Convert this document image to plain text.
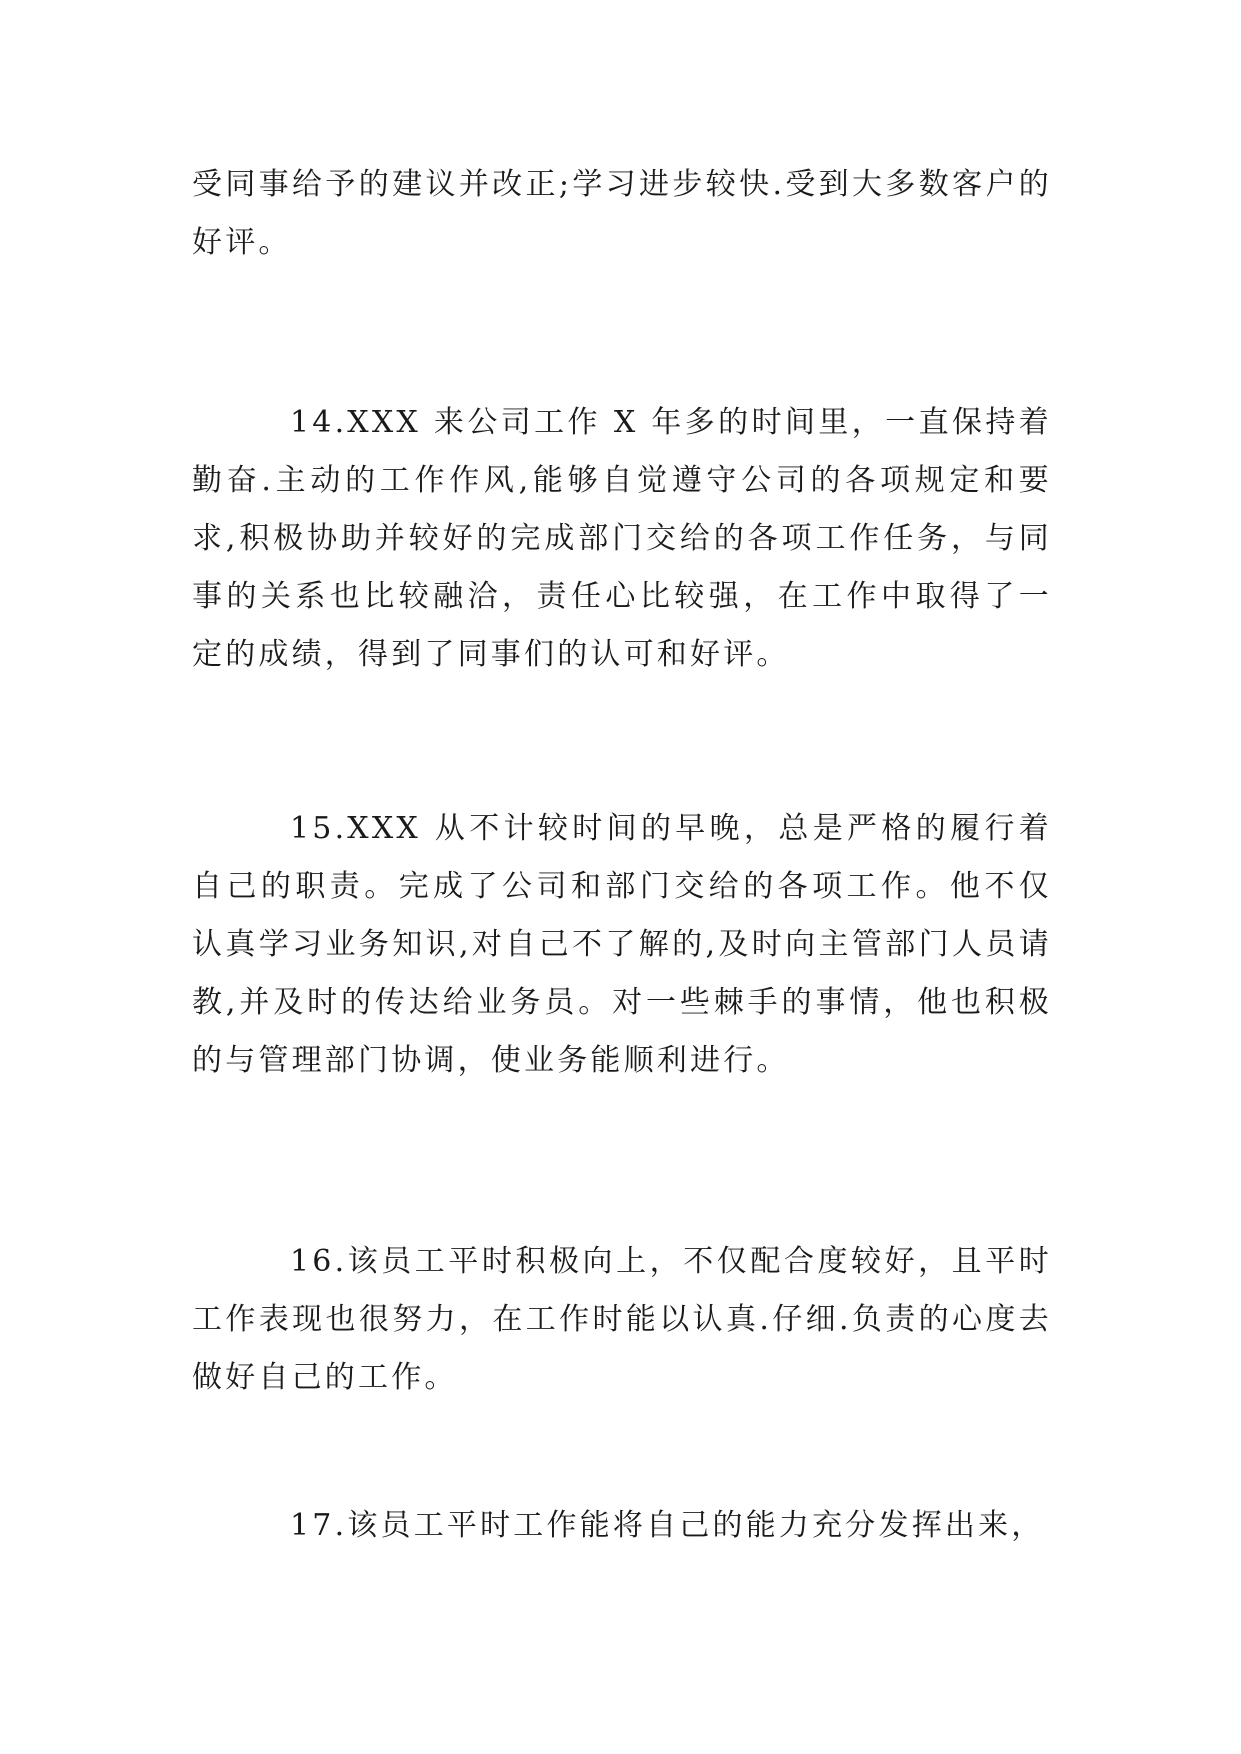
受同事给予的建议并改正;学习进步较快.受到大多数客户的好评。

14.XXX 来公司工作 X 年多的时间里，一直保持着勤奋.主动的工作作风,能够自觉遵守公司的各项规定和要求,积极协助并较好的完成部门交给的各项工作任务，与同事的关系也比较融洽，责任心比较强，在工作中取得了一定的成绩，得到了同事们的认可和好评。

15.XXX 从不计较时间的早晚，总是严格的履行着自己的职责。完成了公司和部门交给的各项工作。他不仅认真学习业务知识,对自己不了解的,及时向主管部门人员请教,并及时的传达给业务员。对一些棘手的事情，他也积极的与管理部门协调，使业务能顺利进行。

16.该员工平时积极向上，不仅配合度较好，且平时工作表现也很努力，在工作时能以认真.仔细.负责的心度去做好自己的工作。

17.该员工平时工作能将自己的能力充分发挥出来，
